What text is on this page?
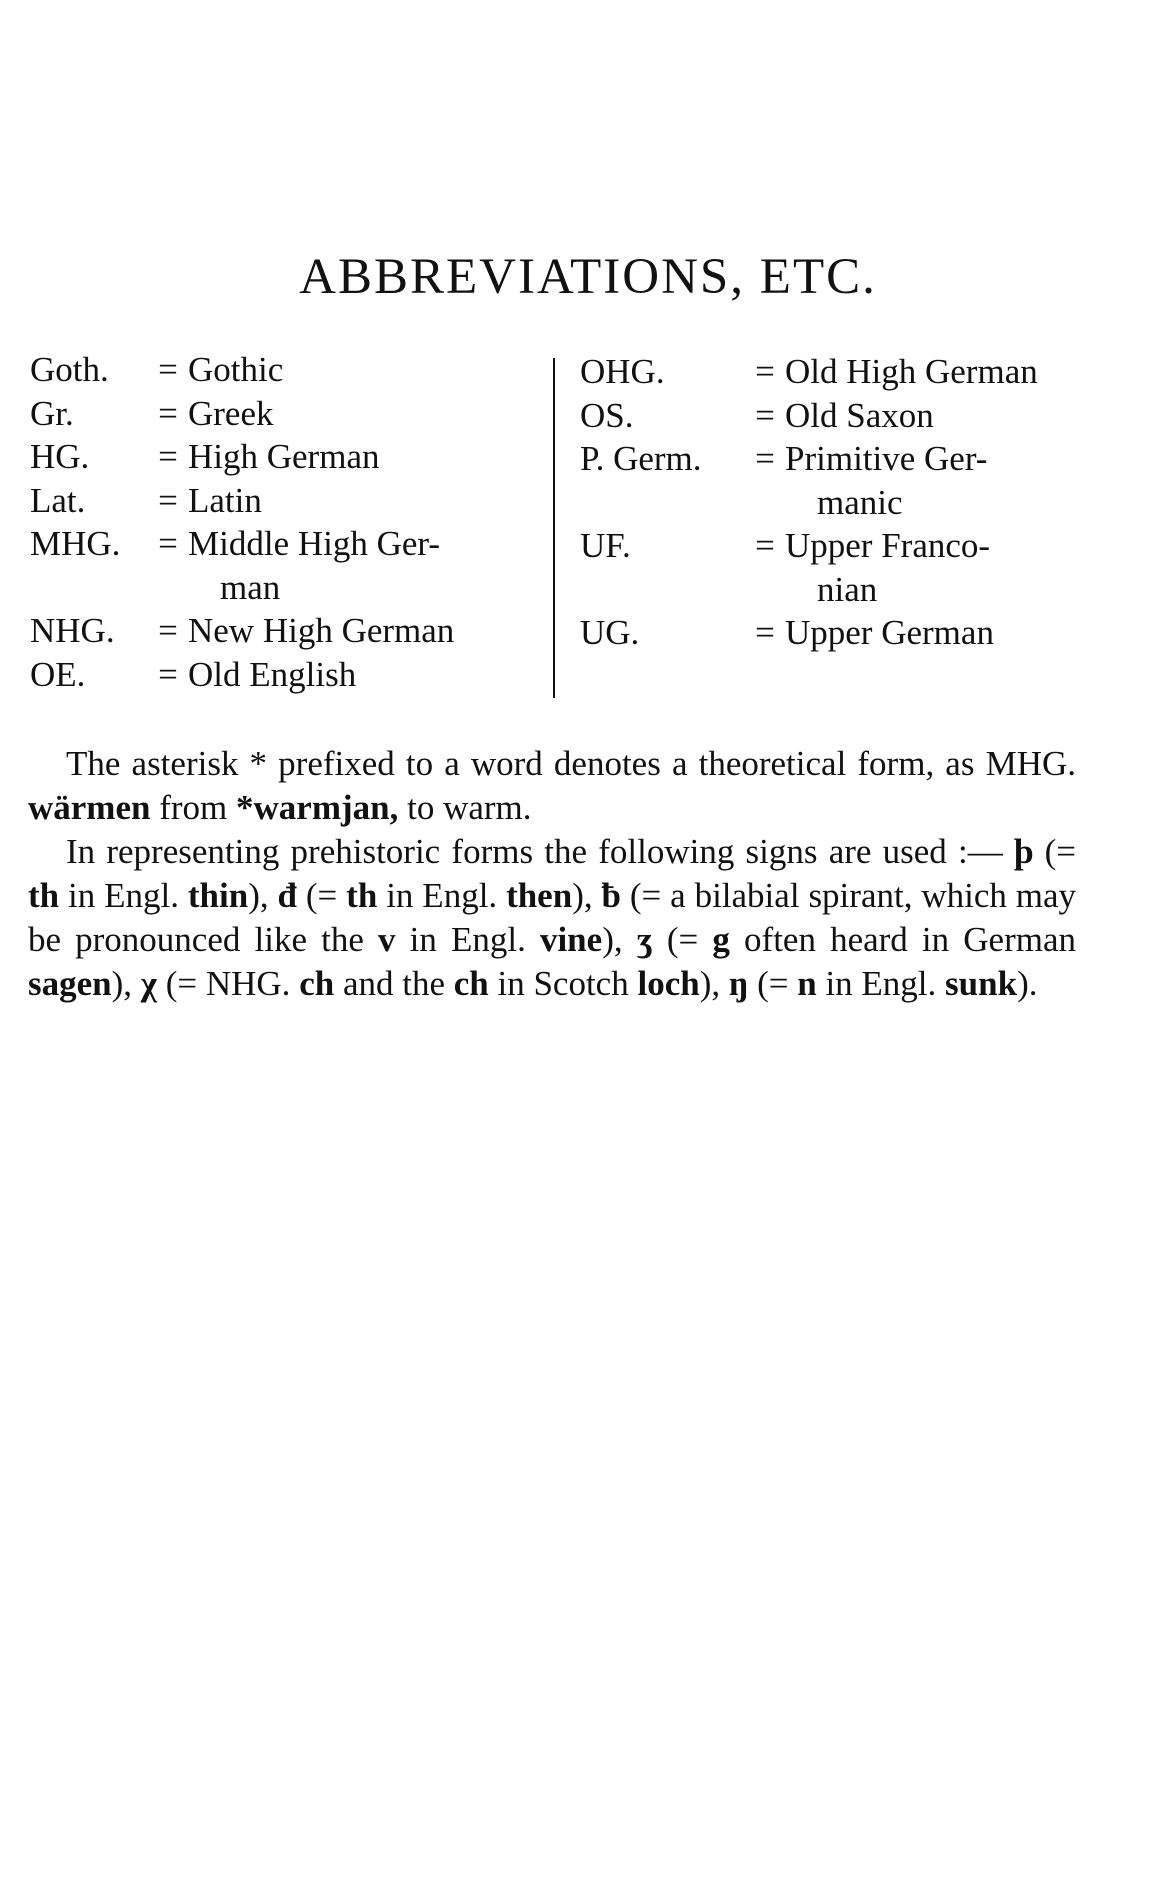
ABBREVIATIONS, ETC.
Goth.	= Gothic
Gr.	= Greek
HG.	= High German
Lat.	= Latin
MHG.	= Middle High Ger-
man
NHG.	= New High German
OE.	= Old English
OHG.	= Old High German
OS.	= Old Saxon
P. Germ.	= Primitive Ger-
manic
UF.	= Upper Franco-
nian
UG.	= Upper German

The asterisk * prefixed to a word denotes a theoretical form, as MHG. wärmen from *warmjan, to warm.

In representing prehistoric forms the following signs are used :— þ (= th in Engl. thin), đ (= th in Engl. then), ƀ (= a bilabial spirant, which may be pronounced like the v in Engl. vine), ʒ (= g often heard in German sagen), χ (= NHG. ch and the ch in Scotch loch), ŋ (= n in Engl. sunk).
